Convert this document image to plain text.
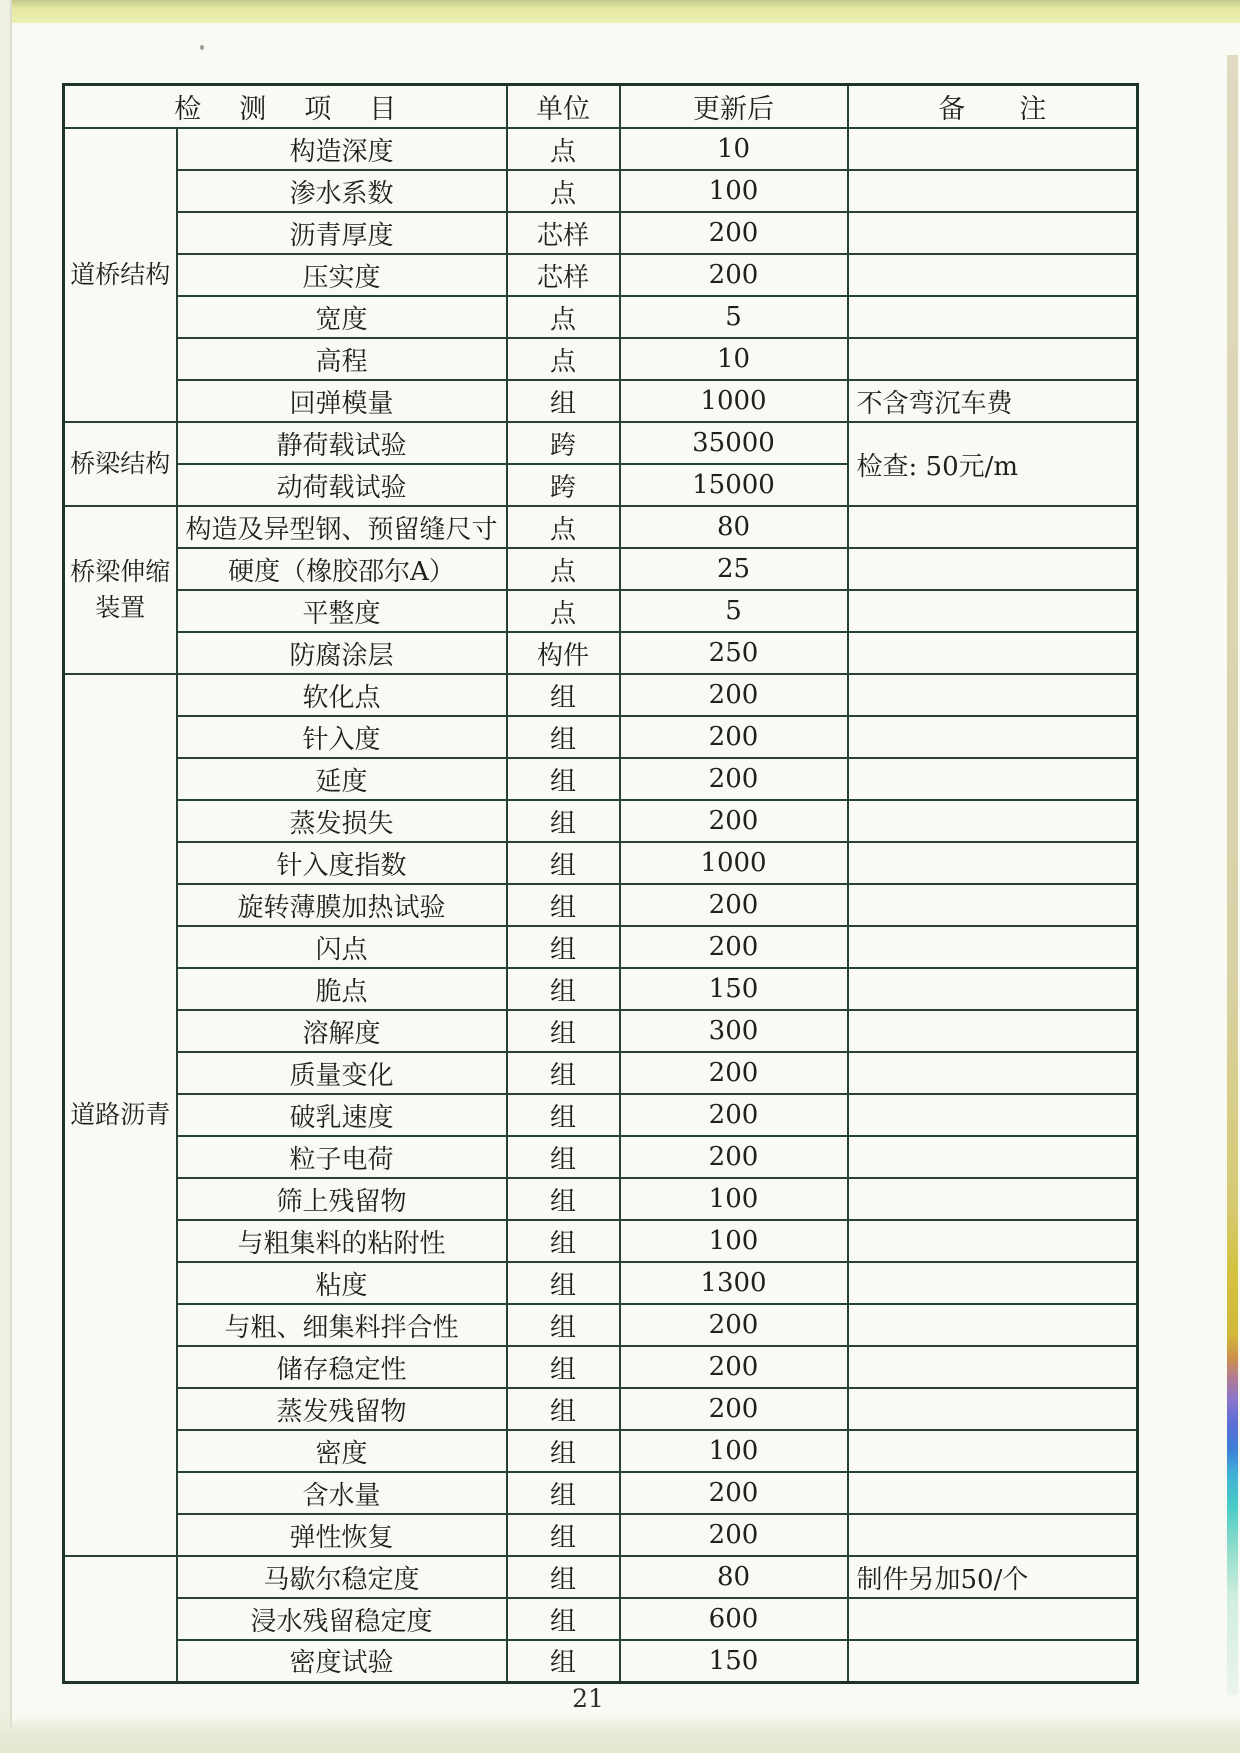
检测项目		单位	更新后	备注
道桥结构	构造深度	点	10	
	渗水系数	点	100	
	沥青厚度	芯样	200	
	压实度	芯样	200	
	宽度	点	5	
	高程	点	10	
	回弹模量	组	1000	不含弯沉车费
桥梁结构	静荷载试验	跨	35000	检查: 50元/m
	动荷载试验	跨	15000	
桥梁伸缩装置	构造及异型钢、预留缝尺寸	点	80	
	硬度（橡胶邵尔A）	点	25	
	平整度	点	5	
	防腐涂层	构件	250	
道路沥青	软化点	组	200	
	针入度	组	200	
	延度	组	200	
	蒸发损失	组	200	
	针入度指数	组	1000	
	旋转薄膜加热试验	组	200	
	闪点	组	200	
	脆点	组	150	
	溶解度	组	300	
	质量变化	组	200	
	破乳速度	组	200	
	粒子电荷	组	200	
	筛上残留物	组	100	
	与粗集料的粘附性	组	100	
	粘度	组	1300	
	与粗、细集料拌合性	组	200	
	储存稳定性	组	200	
	蒸发残留物	组	200	
	密度	组	100	
	含水量	组	200	
	弹性恢复	组	200	
	马歇尔稳定度	组	80	制件另加50/个
	浸水残留稳定度	组	600	
	密度试验	组	150	
21
